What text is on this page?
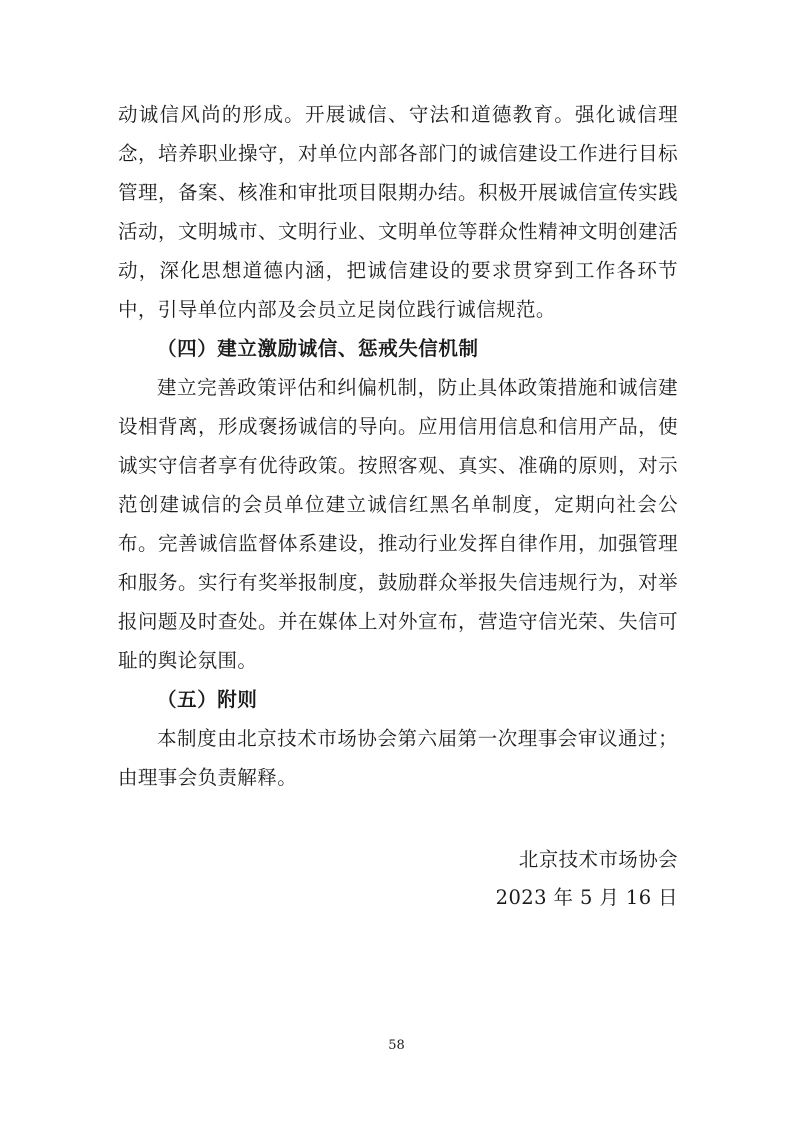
动诚信风尚的形成。开展诚信、守法和道德教育。强化诚信理念，培养职业操守，对单位内部各部门的诚信建设工作进行目标管理，备案、核准和审批项目限期办结。积极开展诚信宣传实践活动，文明城市、文明行业、文明单位等群众性精神文明创建活动，深化思想道德内涵，把诚信建设的要求贯穿到工作各环节中，引导单位内部及会员立足岗位践行诚信规范。

（四）建立激励诚信、惩戒失信机制

建立完善政策评估和纠偏机制，防止具体政策措施和诚信建设相背离，形成褒扬诚信的导向。应用信用信息和信用产品，使诚实守信者享有优待政策。按照客观、真实、准确的原则，对示范创建诚信的会员单位建立诚信红黑名单制度，定期向社会公布。完善诚信监督体系建设，推动行业发挥自律作用，加强管理和服务。实行有奖举报制度，鼓励群众举报失信违规行为，对举报问题及时查处。并在媒体上对外宣布，营造守信光荣、失信可耻的舆论氛围。

（五）附则

本制度由北京技术市场协会第六届第一次理事会审议通过；由理事会负责解释。

北京技术市场协会

2023 年 5 月 16 日

58
